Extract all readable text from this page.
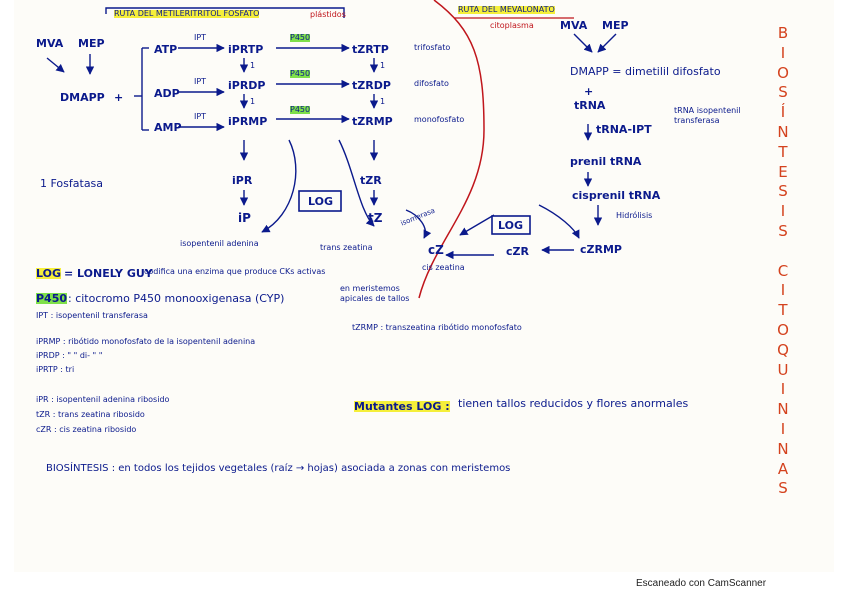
RUTA DEL METILERITRITOL FOSFATO	plástidos
RUTA DEL MEVALONATO
citoplasma
MVA MEP
DMAPP +
ATP
ADP
AMP
IPT
IPT
IPT
iPRTP
iPRDP
iPRMP
P450
P450
P450
tZRTP
tZRDP
tZRMP
trifosfato
difosfato
monofosfato
1
1
1
1
1 Fosfatasa	iPR	tZR
LOG
iP	tZ
isopentenil adenina	trans zeatina
isomerasa
cZ
cis zeatina
LOG
cZR	cZRMP
MVA MEP
DMAPP = dimetilil difosfato
+
tRNA
tRNA-IPT
tRNA isopentenil transferasa
prenil tRNA
cisprenil tRNA
Hidrólisis
LOG = LONELY GUY
codifica una enzima que produce CKs activas
en meristemos apicales de tallos
P450 : citocromo P450 monooxigenasa (CYP)
IPT : isopentenil transferasa
iPRMP : ribótido monofosfato de la isopentenil adenina
iPRDP : " " di- " "
iPRTP : tri
tZRMP : transzeatina ribótido monofosfato
iPR : isopentenil adenina ribosido
tZR : trans zeatina ribosido
cZR : cis zeatina ribosido
Mutantes LOG : tienen tallos reducidos y flores anormales
BIOSÍNTESIS : en todos los tejidos vegetales (raíz → hojas) asociada a zonas con meristemos
B
I
O
S
Í
N
T
E
S
I
S

C
I
T
O
Q
U
I
N
I
N
A
S
Escaneado con CamScanner
